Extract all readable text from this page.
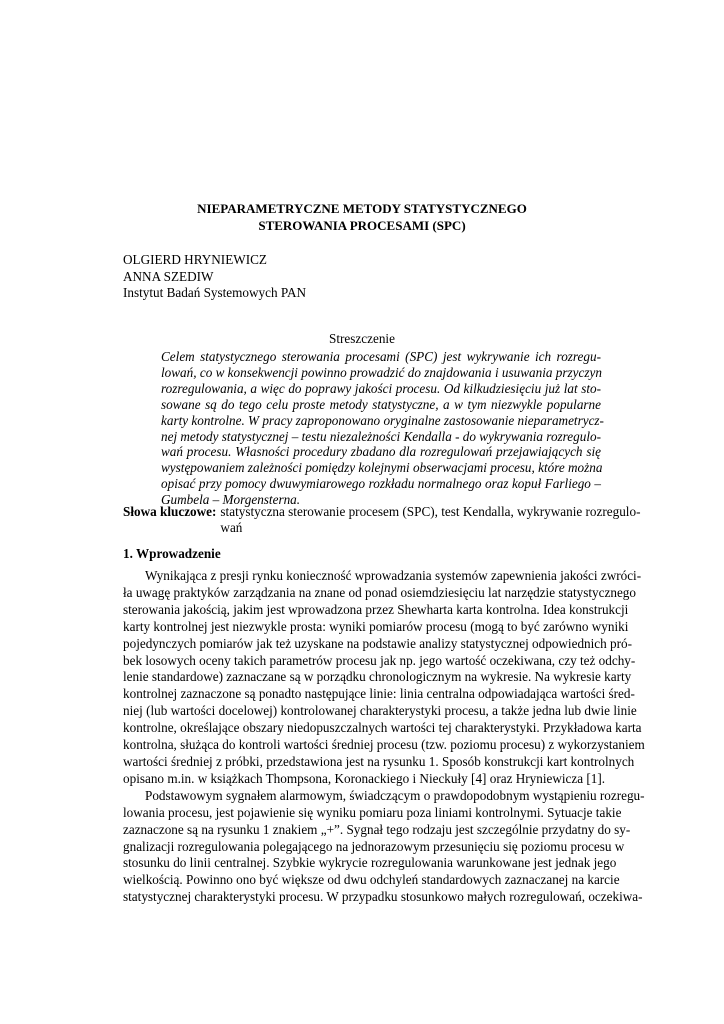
NIEPARAMETRYCZNE METODY STATYSTYCZNEGO
STEROWANIA PROCESAMI (SPC)
OLGIERD HRYNIEWICZ
ANNA SZEDIW
Instytut Badań Systemowych PAN
Streszczenie
Celem statystycznego sterowania procesami (SPC) jest wykrywanie ich rozregu-
lowań, co w konsekwencji powinno prowadzić do znajdowania i usuwania przyczyn
rozregulowania, a więc do poprawy jakości procesu. Od kilkudziesięciu już lat sto-
sowane są do tego celu proste metody statystyczne, a w tym niezwykle popularne
karty kontrolne. W pracy zaproponowano oryginalne zastosowanie nieparametrycz-
nej metody statystycznej – testu niezależności Kendalla - do wykrywania rozregulo-
wań procesu. Własności procedury zbadano dla rozregulowań przejawiających się
występowaniem zależności pomiędzy kolejnymi obserwacjami procesu, które można
opisać przy pomocy dwuwymiarowego rozkładu normalnego oraz kopuł Farliego –
Gumbela – Morgensterna.
Słowa kluczowe: statystyczna sterowanie procesem (SPC), test Kendalla, wykrywanie rozregulo-
wań
1. Wprowadzenie
Wynikająca z presji rynku konieczność wprowadzania systemów zapewnienia jakości zwróci-
ła uwagę praktyków zarządzania na znane od ponad osiemdziesięciu lat narzędzie statystycznego
sterowania jakością, jakim jest wprowadzona przez Shewharta karta kontrolna. Idea konstrukcji
karty kontrolnej jest niezwykle prosta: wyniki pomiarów procesu (mogą to być zarówno wyniki
pojedynczych pomiarów jak też uzyskane na podstawie analizy statystycznej odpowiednich pró-
bek losowych oceny takich parametrów procesu jak np. jego wartość oczekiwana, czy też odchy-
lenie standardowe) zaznaczane są w porządku chronologicznym na wykresie. Na wykresie karty
kontrolnej zaznaczone są ponadto następujące linie: linia centralna odpowiadająca wartości śred-
niej (lub wartości docelowej) kontrolowanej charakterystyki procesu, a także jedna lub dwie linie
kontrolne, określające obszary niedopuszczalnych wartości tej charakterystyki. Przykładowa karta
kontrolna, służąca do kontroli wartości średniej procesu (tzw. poziomu procesu) z wykorzystaniem
wartości średniej z próbki, przedstawiona jest na rysunku 1. Sposób konstrukcji kart kontrolnych
opisano m.in. w książkach Thompsona, Koronackiego i Nieckuły [4] oraz Hryniewicza [1].
Podstawowym sygnałem alarmowym, świadczącym o prawdopodobnym wystąpieniu rozregu-
lowania procesu, jest pojawienie się wyniku pomiaru poza liniami kontrolnymi. Sytuacje takie
zaznaczone są na rysunku 1 znakiem „+”. Sygnał tego rodzaju jest szczególnie przydatny do sy-
gnalizacji rozregulowania polegającego na jednorazowym przesunięciu się poziomu procesu w
stosunku do linii centralnej. Szybkie wykrycie rozregulowania warunkowane jest jednak jego
wielkością. Powinno ono być większe od dwu odchyleń standardowych zaznaczanej na karcie
statystycznej charakterystyki procesu. W przypadku stosunkowo małych rozregulowań, oczekiwa-
